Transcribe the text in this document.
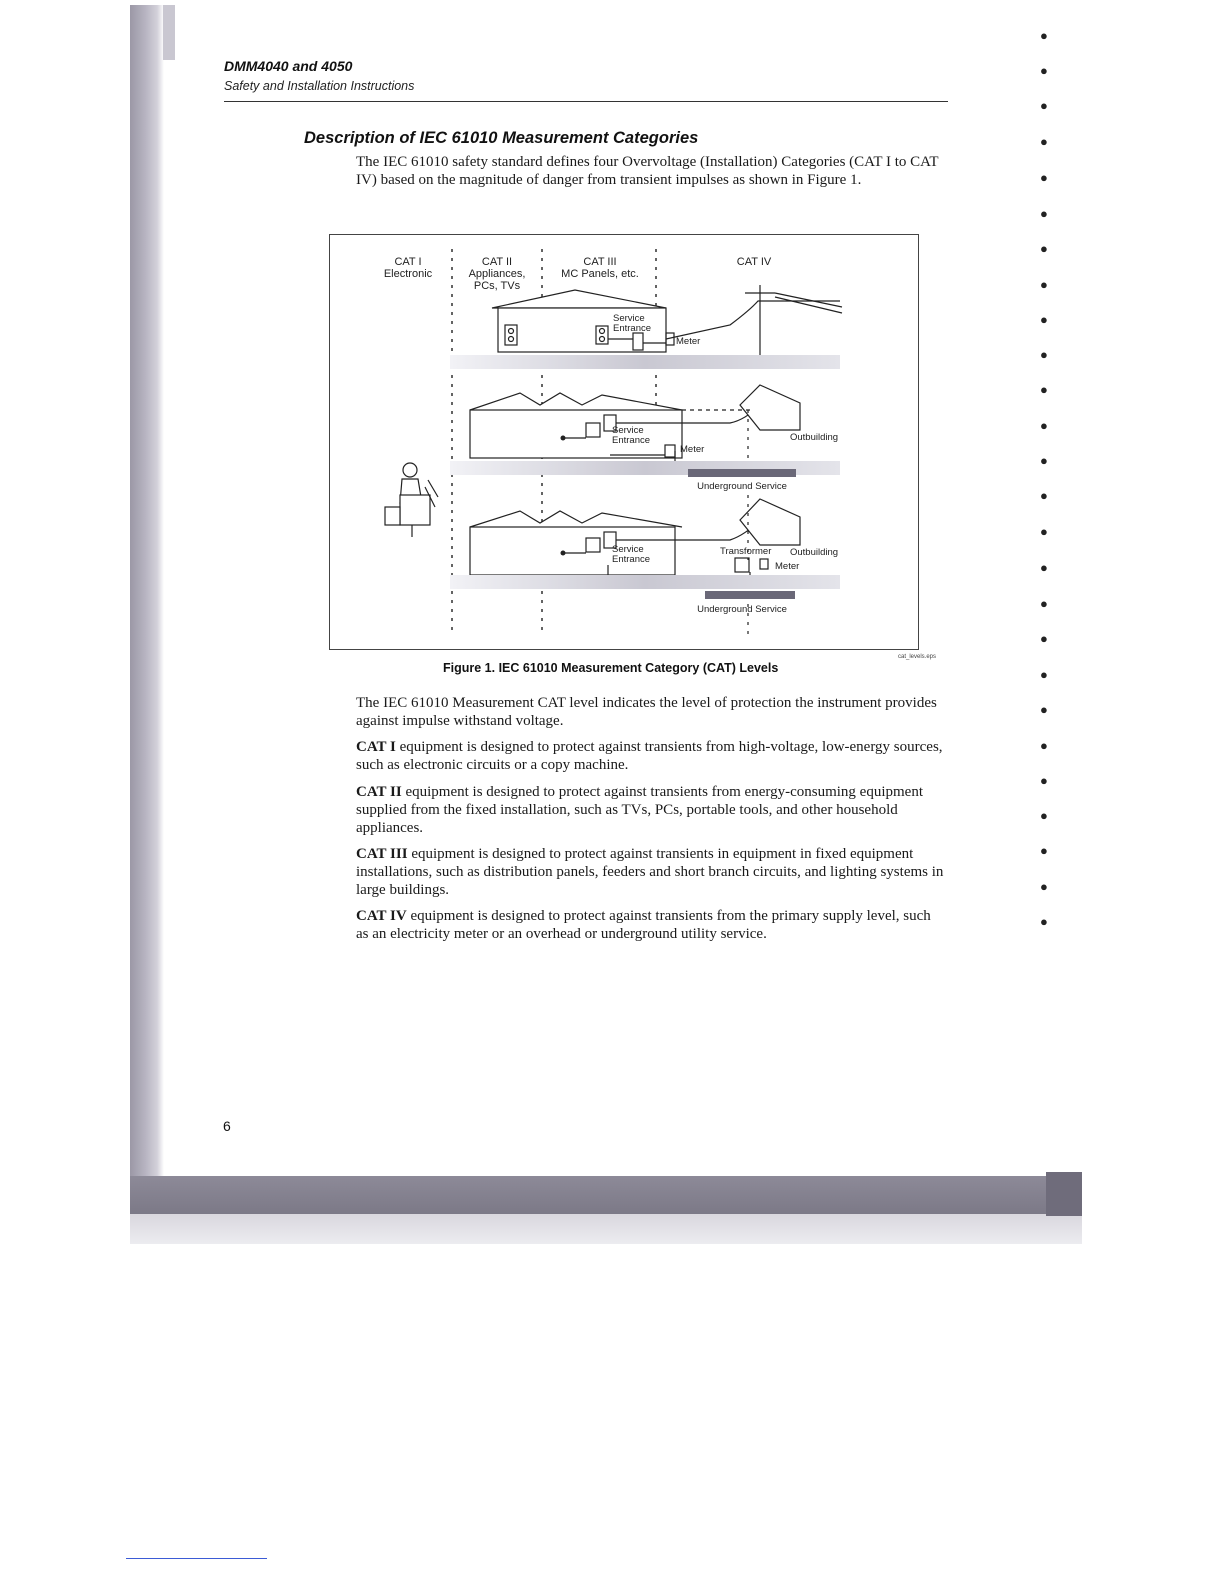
DMM4040 and 4050
Safety and Installation Instructions
Description of IEC 61010 Measurement Categories

The IEC 61010 safety standard defines four Overvoltage (Installation) Categories (CAT I to CAT IV) based on the magnitude of danger from transient impulses as shown in Figure 1.

CAT I
Electronic
CAT II
Appliances,
PCs, TVs
CAT III
MC Panels, etc.
CAT IV
Service
Entrance
Meter
Service
Entrance
Meter
Outbuilding
Underground Service
Service
Entrance
Transformer Outbuilding
Meter
Underground Service
cat_levels.eps
Figure 1. IEC 61010 Measurement Category (CAT) Levels

The IEC 61010 Measurement CAT level indicates the level of protection the instrument provides against impulse withstand voltage.

CAT I equipment is designed to protect against transients from high-voltage, low-energy sources, such as electronic circuits or a copy machine.

CAT II equipment is designed to protect against transients from energy-consuming equipment supplied from the fixed installation, such as TVs, PCs, portable tools, and other household appliances.

CAT III equipment is designed to protect against transients in equipment in fixed equipment installations, such as distribution panels, feeders and short branch circuits, and lighting systems in large buildings.

CAT IV equipment is designed to protect against transients from the primary supply level, such as an electricity meter or an overhead or underground utility service.

6
●
●
●
●
●
●
●
●
●
●
●
●
●
●
●
●
●
●
●
●
●
●
●
●
●
●
